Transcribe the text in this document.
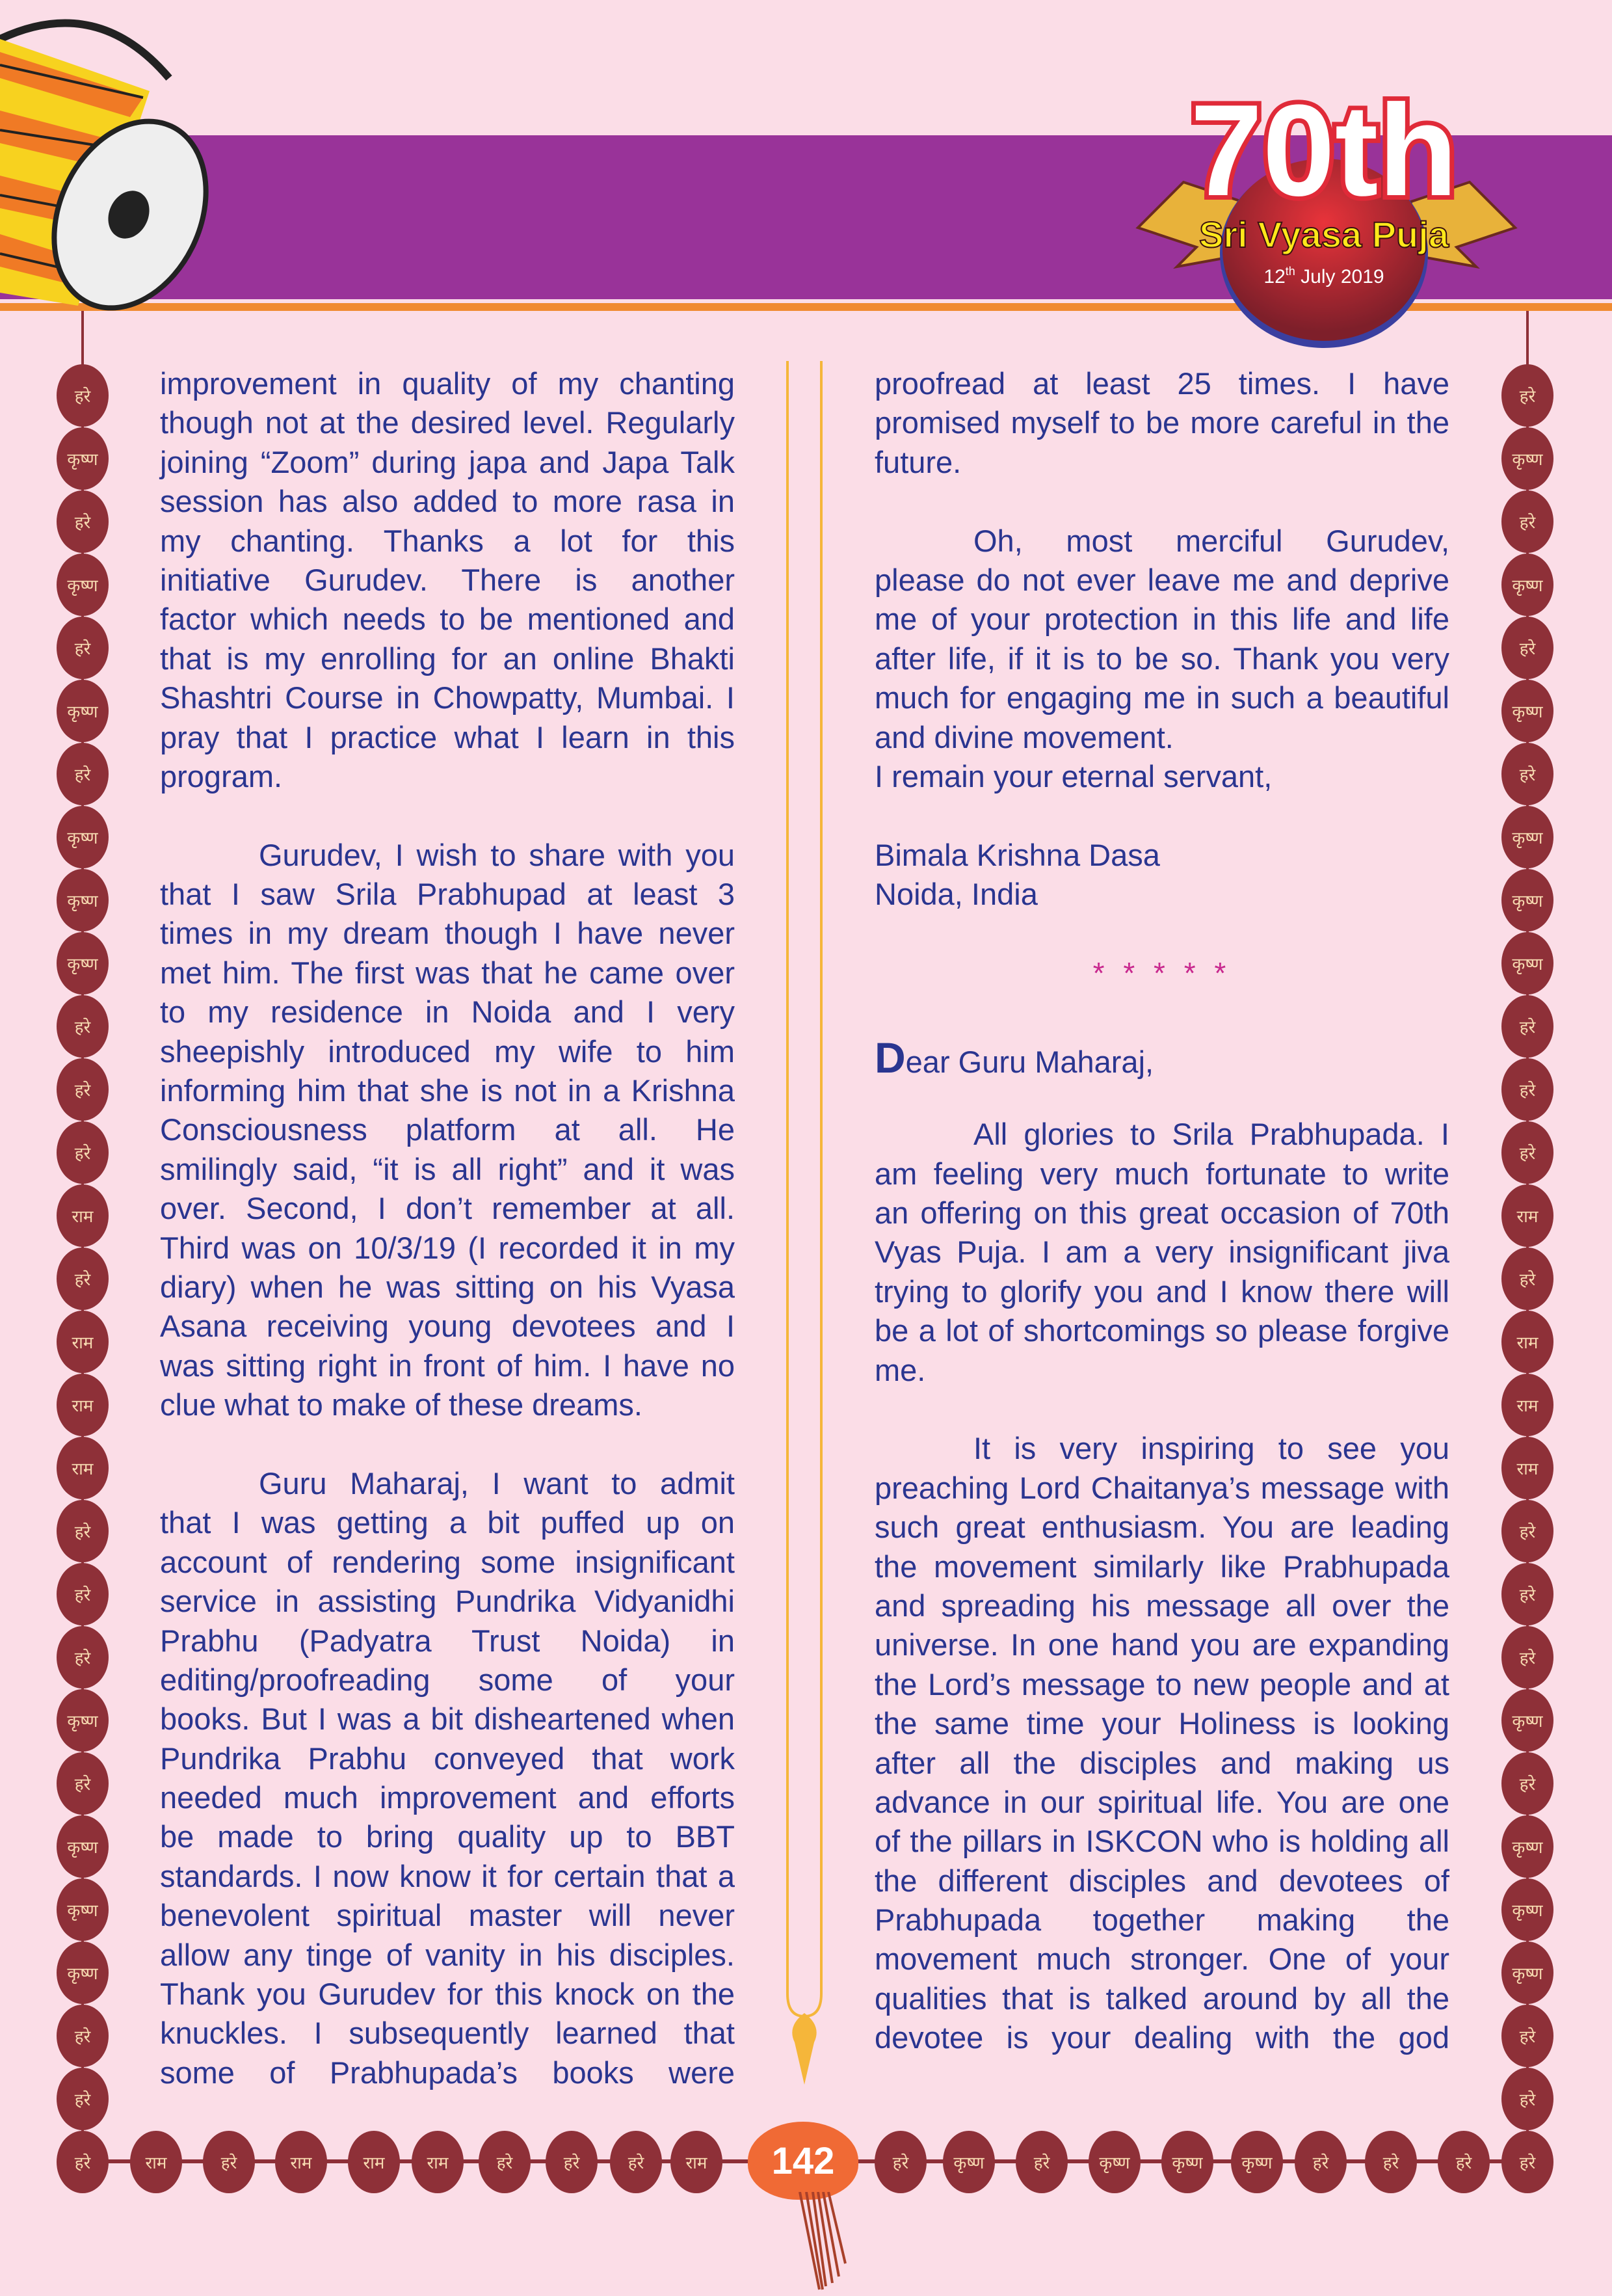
70th
Sri Vyasa Puja
12th July 2019
हरे
कृष्ण
हरे
कृष्ण
हरे
कृष्ण
हरे
कृष्ण
कृष्ण
कृष्ण
हरे
हरे
हरे
राम
हरे
राम
राम
राम
हरे
हरे
हरे
कृष्ण
हरे
कृष्ण
कृष्ण
कृष्ण
हरे
हरे
हरे
कृष्ण
हरे
कृष्ण
हरे
कृष्ण
हरे
कृष्ण
कृष्ण
कृष्ण
हरे
हरे
हरे
राम
हरे
राम
राम
राम
हरे
हरे
हरे
कृष्ण
हरे
कृष्ण
कृष्ण
कृष्ण
हरे
हरे
हरे	राम	हरे	राम	राम	राम	हरे	हरे	हरे	राम	हरे	कृष्ण	हरे	कृष्ण	कृष्ण	कृष्ण	हरे	हरे	हरे	हरे
142
improvement in quality of my chanting
though not at the desired level. Regularly
joining “Zoom” during japa and Japa Talk
session has also added to more rasa in
my chanting. Thanks a lot for this
initiative Gurudev. There is another
factor which needs to be mentioned and
that is my enrolling for an online Bhakti
Shashtri Course in Chowpatty, Mumbai. I
pray that I practice what I learn in this
program.
Gurudev, I wish to share with you
that I saw Srila Prabhupad at least 3
times in my dream though I have never
met him. The first was that he came over
to my residence in Noida and I very
sheepishly introduced my wife to him
informing him that she is not in a Krishna
Consciousness platform at all. He
smilingly said, “it is all right” and it was
over. Second, I don’t remember at all.
Third was on 10/3/19 (I recorded it in my
diary) when he was sitting on his Vyasa
Asana receiving young devotees and I
was sitting right in front of him. I have no
clue what to make of these dreams.
Guru Maharaj, I want to admit
that I was getting a bit puffed up on
account of rendering some insignificant
service in assisting Pundrika Vidyanidhi
Prabhu (Padyatra Trust Noida) in
editing/proofreading some of your
books. But I was a bit disheartened when
Pundrika Prabhu conveyed that work
needed much improvement and efforts
be made to bring quality up to BBT
standards. I now know it for certain that a
benevolent spiritual master will never
allow any tinge of vanity in his disciples.
Thank you Gurudev for this knock on the
knuckles. I subsequently learned that
some of Prabhupada’s books were
proofread at least 25 times. I have
promised myself to be more careful in the
future.
Oh, most merciful Gurudev,
please do not ever leave me and deprive
me of your protection in this life and life
after life, if it is to be so. Thank you very
much for engaging me in such a beautiful
and divine movement.
I remain your eternal servant,
Bimala Krishna Dasa
Noida, India
* * * * *
Dear Guru Maharaj,
All glories to Srila Prabhupada. I
am feeling very much fortunate to write
an offering on this great occasion of 70th
Vyas Puja. I am a very insignificant jiva
trying to glorify you and I know there will
be a lot of shortcomings so please forgive
me.
It is very inspiring to see you
preaching Lord Chaitanya’s message with
such great enthusiasm. You are leading
the movement similarly like Prabhupada
and spreading his message all over the
universe. In one hand you are expanding
the Lord’s message to new people and at
the same time your Holiness is looking
after all the disciples and making us
advance in our spiritual life. You are one
of the pillars in ISKCON who is holding all
the different disciples and devotees of
Prabhupada together making the
movement much stronger. One of your
qualities that is talked around by all the
devotee is your dealing with the god
